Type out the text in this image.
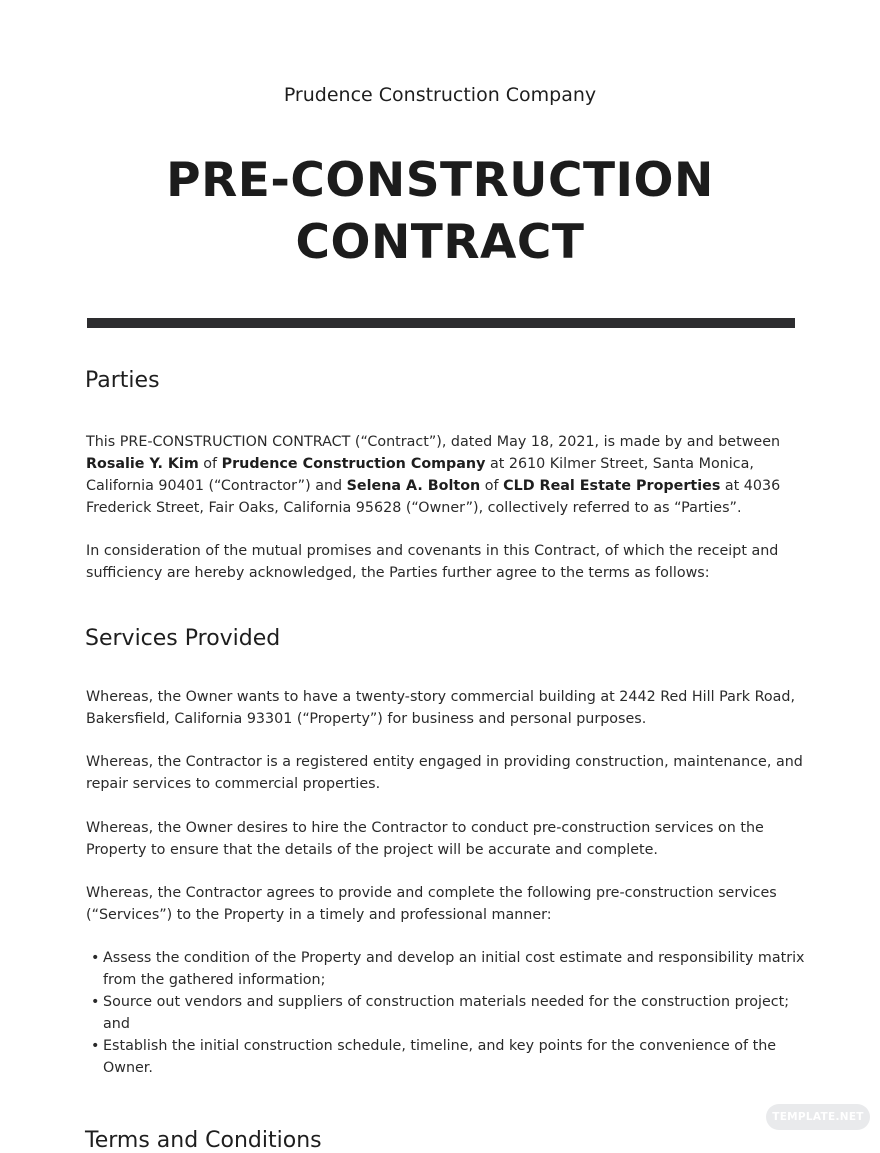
Prudence Construction Company
PRE-CONSTRUCTION
CONTRACT
Parties

This PRE-CONSTRUCTION CONTRACT (“Contract”), dated May 18, 2021, is made by and between Rosalie Y. Kim of Prudence Construction Company at 2610 Kilmer Street, Santa Monica, California 90401 (“Contractor”) and Selena A. Bolton of CLD Real Estate Properties at 4036 Frederick Street, Fair Oaks, California 95628 (“Owner”), collectively referred to as “Parties”.

In consideration of the mutual promises and covenants in this Contract, of which the receipt and sufficiency are hereby acknowledged, the Parties further agree to the terms as follows:

Services Provided

Whereas, the Owner wants to have a twenty-story commercial building at 2442 Red Hill Park Road, Bakersfield, California 93301 (“Property”) for business and personal purposes.

Whereas, the Contractor is a registered entity engaged in providing construction, maintenance, and repair services to commercial properties.

Whereas, the Owner desires to hire the Contractor to conduct pre-construction services on the Property to ensure that the details of the project will be accurate and complete.

Whereas, the Contractor agrees to provide and complete the following pre-construction services (“Services”) to the Property in a timely and professional manner:

• Assess the condition of the Property and develop an initial cost estimate and responsibility matrix from the gathered information;
• Source out vendors and suppliers of construction materials needed for the construction project; and
• Establish the initial construction schedule, timeline, and key points for the convenience of the Owner.
Terms and Conditions
TEMPLATE.NET
